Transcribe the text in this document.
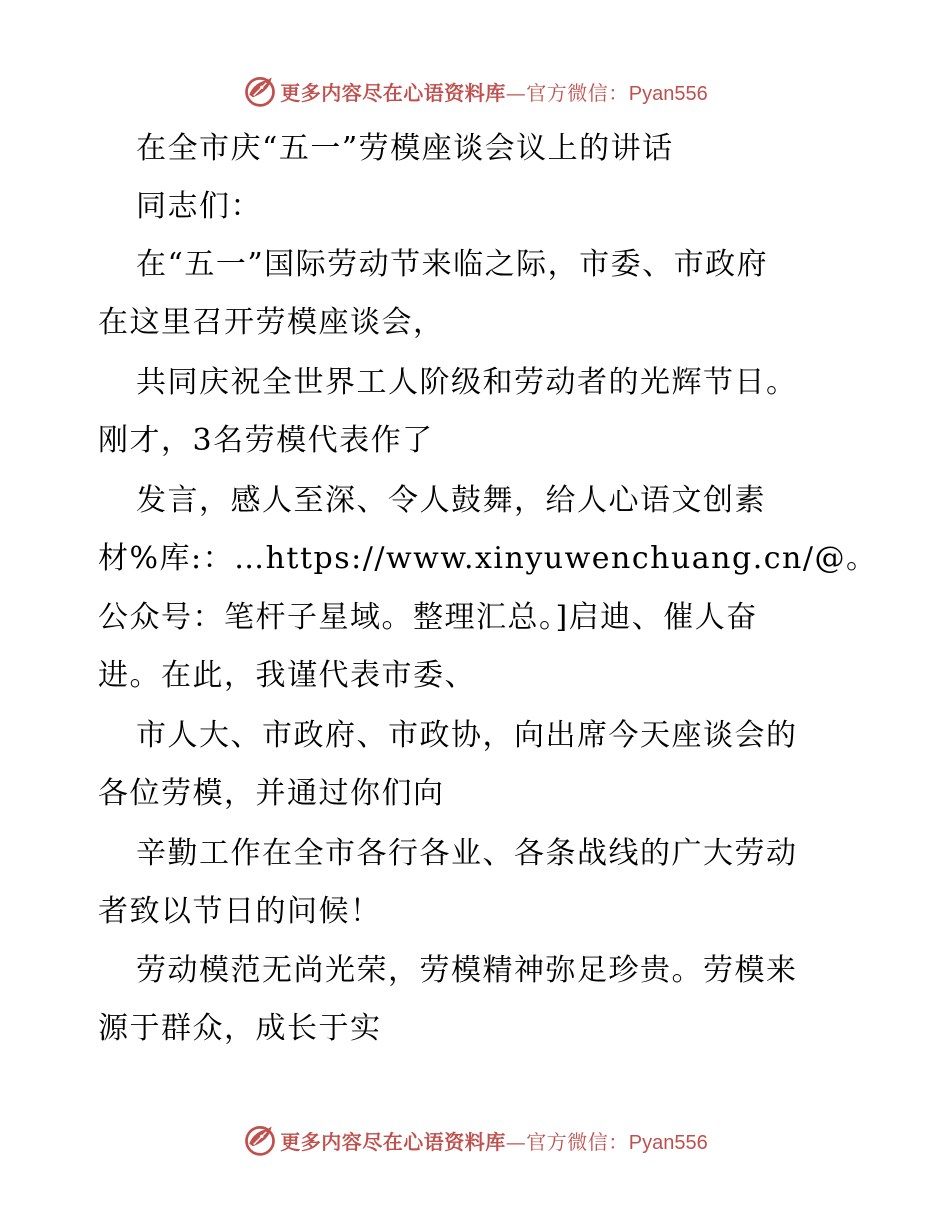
更多内容尽在心语资料库 —官方微信： Pyan556
在全市庆“五一”劳模座谈会议上的讲话
同志们：
在“五一”国际劳动节来临之际，市委、市政府
在这里召开劳模座谈会，
共同庆祝全世界工人阶级和劳动者的光辉节日。
刚才，3名劳模代表作了
发言，感人至深、令人鼓舞，给人心语文创素
材%库:：…https://www.xinyuwenchuang.cn/@。
公众号：笔杆子星域。整理汇总。]启迪、催人奋
进。在此，我谨代表市委、
市人大、市政府、市政协，向出席今天座谈会的
各位劳模，并通过你们向
辛勤工作在全市各行各业、各条战线的广大劳动
者致以节日的问候！
劳动模范无尚光荣，劳模精神弥足珍贵。劳模来
源于群众，成长于实
更多内容尽在心语资料库 —官方微信： Pyan556
